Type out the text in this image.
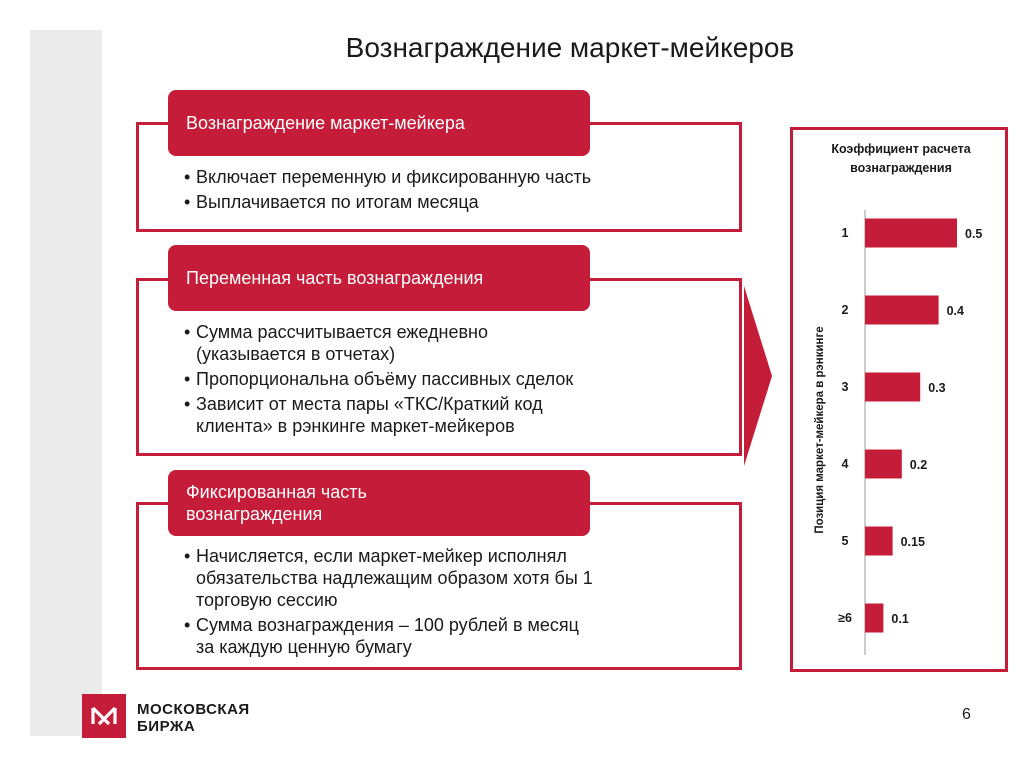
Вознаграждение маркет-мейкеров
Вознаграждение маркет-мейкера
• Включает переменную и фиксированную часть
• Выплачивается по итогам месяца
Переменная часть вознаграждения
• Сумма рассчитывается ежедневно
(указывается в отчетах)
• Пропорциональна объёму пассивных сделок
• Зависит от места пары «ТКС/Краткий код
клиента» в рэнкинге маркет-мейкеров
Фиксированная часть
вознаграждения
• Начисляется, если маркет-мейкер исполнял
обязательства надлежащим образом хотя бы 1
торговую сессию
• Сумма вознаграждения – 100 рублей в месяц
за каждую ценную бумагу
Коэффициент расчета
вознаграждения
Позиция маркет-мейкера в рэнкинге
1	0.5
2	0.4
3	0.3
4	0.2
5	0.15
≥6	0.1
МОСКОВСКАЯ
БИРЖА
6
